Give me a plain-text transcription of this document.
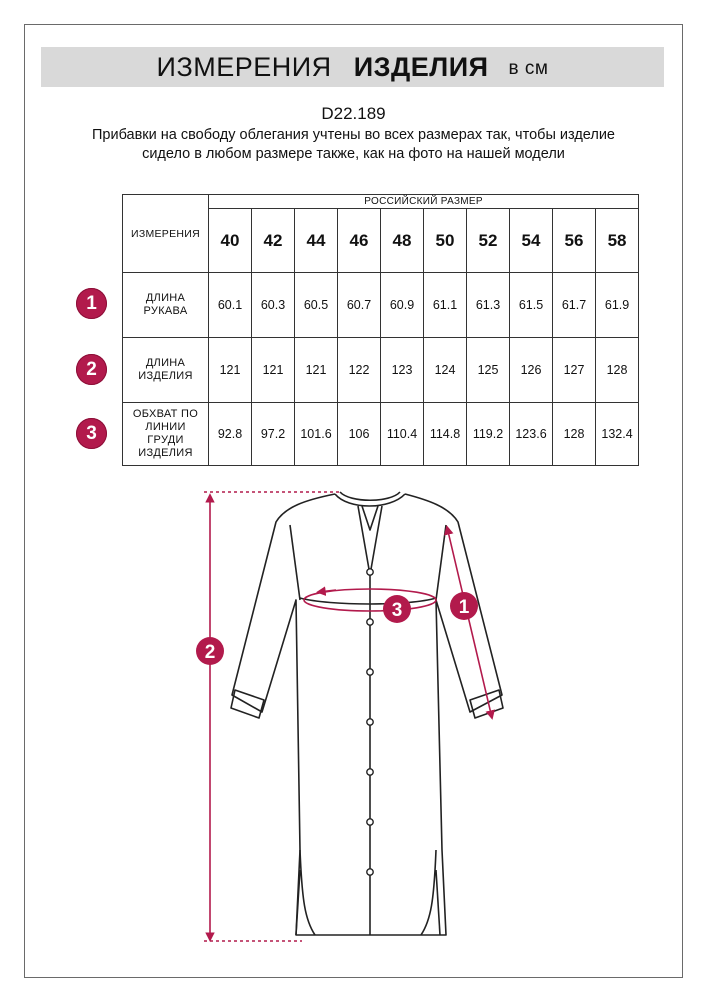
ИЗМЕРЕНИЯ ИЗДЕЛИЯ в см
D22.189
Прибавки на свободу облегания учтены во всех размерах так, чтобы изделие сидело в любом размере также, как на фото на нашей модели
ИЗМЕРЕНИЯ	РОССИЙСКИЙ РАЗМЕР									
	40	42	44	46	48	50	52	54	56	58
ДЛИНА
РУКАВА	60.1	60.3	60.5	60.7	60.9	61.1	61.3	61.5	61.7	61.9
ДЛИНА
ИЗДЕЛИЯ	121	121	121	122	123	124	125	126	127	128
ОБХВАТ ПО
ЛИНИИ
ГРУДИ
ИЗДЕЛИЯ	92.8	97.2	101.6	106	110.4	114.8	119.2	123.6	128	132.4
1
2
3
2
3	1
